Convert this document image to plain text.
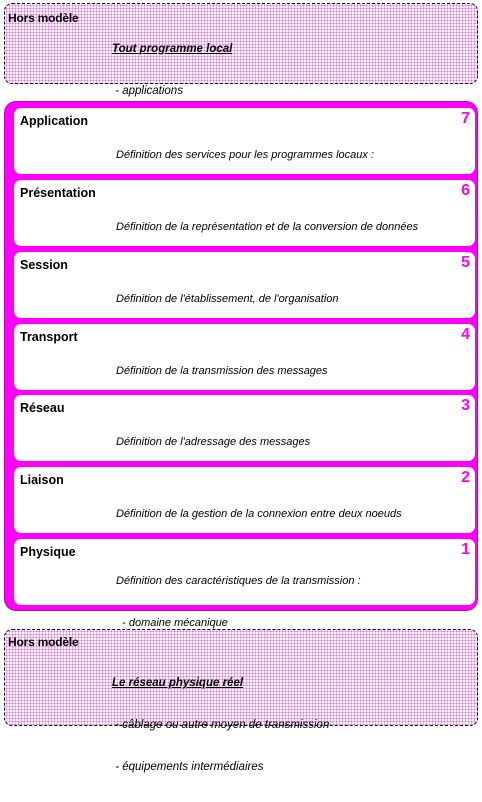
Hors modèle

Tout programme local

- applications

Application

Définition des services pour les programmes locaux :

7
Présentation

Définition de la représentation et de la conversion de données

6
Session

Définition de l'établissement, de l'organisation

5
Transport

Définition de la transmission des messages

4
Réseau

Définition de l'adressage des messages

3
Liaison

Définition de la gestion de la connexion entre deux noeuds

2
Physique

Définition des caractéristiques de la transmission :

- domaine mécanique

1
Hors modèle

Le réseau physique réel

- câblage ou autre moyen de transmission

- équipements intermédiaires
